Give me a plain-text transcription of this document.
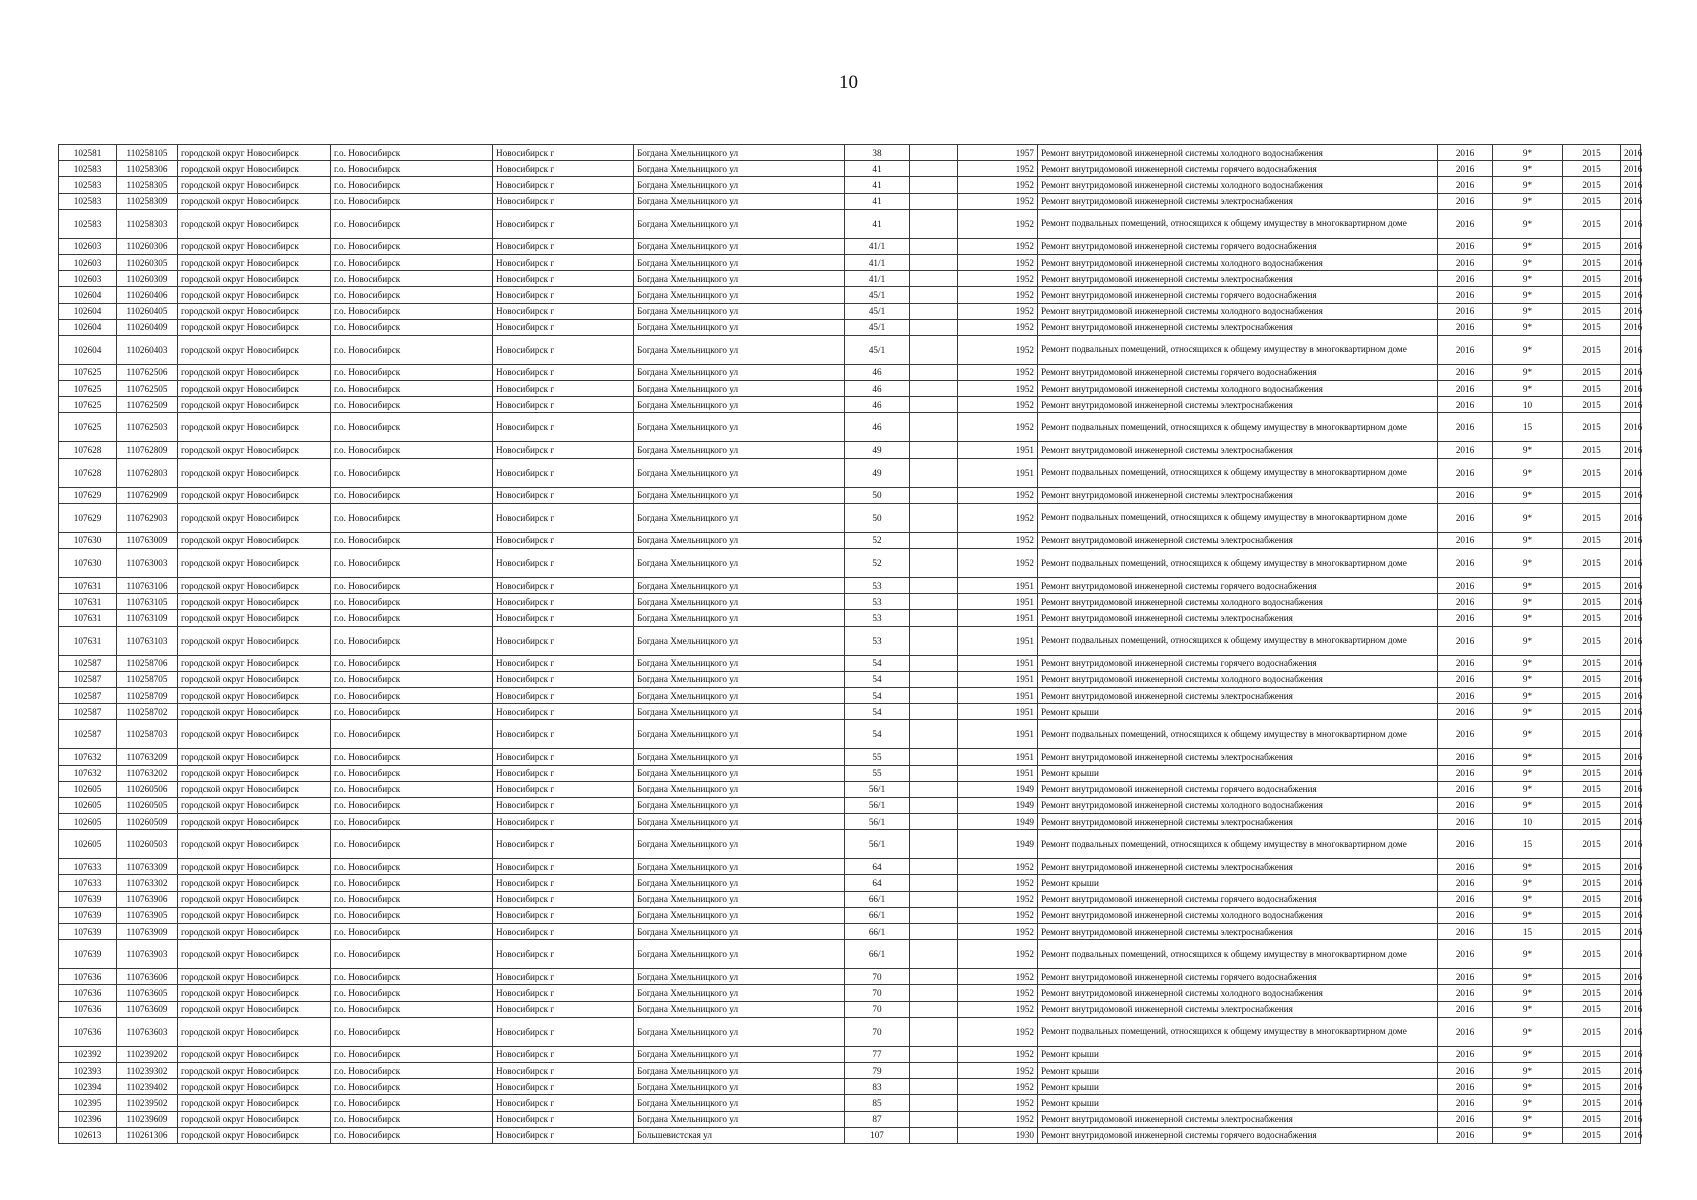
10
102581	110258105	городской округ Новосибирск	г.о. Новосибирск	Новосибирск г	Богдана Хмельницкого ул	38		1957	Ремонт внутридомовой инженерной системы холодного водоснабжения	2016	9*	2015	2016
102583	110258306	городской округ Новосибирск	г.о. Новосибирск	Новосибирск г	Богдана Хмельницкого ул	41		1952	Ремонт внутридомовой инженерной системы горячего водоснабжения	2016	9*	2015	2016
102583	110258305	городской округ Новосибирск	г.о. Новосибирск	Новосибирск г	Богдана Хмельницкого ул	41		1952	Ремонт внутридомовой инженерной системы холодного водоснабжения	2016	9*	2015	2016
102583	110258309	городской округ Новосибирск	г.о. Новосибирск	Новосибирск г	Богдана Хмельницкого ул	41		1952	Ремонт внутридомовой инженерной системы электроснабжения	2016	9*	2015	2016
102583	110258303	городской округ Новосибирск	г.о. Новосибирск	Новосибирск г	Богдана Хмельницкого ул	41		1952	Ремонт подвальных помещений, относящихся к общему имуществу в многоквартирном доме	2016	9*	2015	2016
102603	110260306	городской округ Новосибирск	г.о. Новосибирск	Новосибирск г	Богдана Хмельницкого ул	41/1		1952	Ремонт внутридомовой инженерной системы горячего водоснабжения	2016	9*	2015	2016
102603	110260305	городской округ Новосибирск	г.о. Новосибирск	Новосибирск г	Богдана Хмельницкого ул	41/1		1952	Ремонт внутридомовой инженерной системы холодного водоснабжения	2016	9*	2015	2016
102603	110260309	городской округ Новосибирск	г.о. Новосибирск	Новосибирск г	Богдана Хмельницкого ул	41/1		1952	Ремонт внутридомовой инженерной системы электроснабжения	2016	9*	2015	2016
102604	110260406	городской округ Новосибирск	г.о. Новосибирск	Новосибирск г	Богдана Хмельницкого ул	45/1		1952	Ремонт внутридомовой инженерной системы горячего водоснабжения	2016	9*	2015	2016
102604	110260405	городской округ Новосибирск	г.о. Новосибирск	Новосибирск г	Богдана Хмельницкого ул	45/1		1952	Ремонт внутридомовой инженерной системы холодного водоснабжения	2016	9*	2015	2016
102604	110260409	городской округ Новосибирск	г.о. Новосибирск	Новосибирск г	Богдана Хмельницкого ул	45/1		1952	Ремонт внутридомовой инженерной системы электроснабжения	2016	9*	2015	2016
102604	110260403	городской округ Новосибирск	г.о. Новосибирск	Новосибирск г	Богдана Хмельницкого ул	45/1		1952	Ремонт подвальных помещений, относящихся к общему имуществу в многоквартирном доме	2016	9*	2015	2016
107625	110762506	городской округ Новосибирск	г.о. Новосибирск	Новосибирск г	Богдана Хмельницкого ул	46		1952	Ремонт внутридомовой инженерной системы горячего водоснабжения	2016	9*	2015	2016
107625	110762505	городской округ Новосибирск	г.о. Новосибирск	Новосибирск г	Богдана Хмельницкого ул	46		1952	Ремонт внутридомовой инженерной системы холодного водоснабжения	2016	9*	2015	2016
107625	110762509	городской округ Новосибирск	г.о. Новосибирск	Новосибирск г	Богдана Хмельницкого ул	46		1952	Ремонт внутридомовой инженерной системы электроснабжения	2016	10	2015	2016
107625	110762503	городской округ Новосибирск	г.о. Новосибирск	Новосибирск г	Богдана Хмельницкого ул	46		1952	Ремонт подвальных помещений, относящихся к общему имуществу в многоквартирном доме	2016	15	2015	2016
107628	110762809	городской округ Новосибирск	г.о. Новосибирск	Новосибирск г	Богдана Хмельницкого ул	49		1951	Ремонт внутридомовой инженерной системы электроснабжения	2016	9*	2015	2016
107628	110762803	городской округ Новосибирск	г.о. Новосибирск	Новосибирск г	Богдана Хмельницкого ул	49		1951	Ремонт подвальных помещений, относящихся к общему имуществу в многоквартирном доме	2016	9*	2015	2016
107629	110762909	городской округ Новосибирск	г.о. Новосибирск	Новосибирск г	Богдана Хмельницкого ул	50		1952	Ремонт внутридомовой инженерной системы электроснабжения	2016	9*	2015	2016
107629	110762903	городской округ Новосибирск	г.о. Новосибирск	Новосибирск г	Богдана Хмельницкого ул	50		1952	Ремонт подвальных помещений, относящихся к общему имуществу в многоквартирном доме	2016	9*	2015	2016
107630	110763009	городской округ Новосибирск	г.о. Новосибирск	Новосибирск г	Богдана Хмельницкого ул	52		1952	Ремонт внутридомовой инженерной системы электроснабжения	2016	9*	2015	2016
107630	110763003	городской округ Новосибирск	г.о. Новосибирск	Новосибирск г	Богдана Хмельницкого ул	52		1952	Ремонт подвальных помещений, относящихся к общему имуществу в многоквартирном доме	2016	9*	2015	2016
107631	110763106	городской округ Новосибирск	г.о. Новосибирск	Новосибирск г	Богдана Хмельницкого ул	53		1951	Ремонт внутридомовой инженерной системы горячего водоснабжения	2016	9*	2015	2016
107631	110763105	городской округ Новосибирск	г.о. Новосибирск	Новосибирск г	Богдана Хмельницкого ул	53		1951	Ремонт внутридомовой инженерной системы холодного водоснабжения	2016	9*	2015	2016
107631	110763109	городской округ Новосибирск	г.о. Новосибирск	Новосибирск г	Богдана Хмельницкого ул	53		1951	Ремонт внутридомовой инженерной системы электроснабжения	2016	9*	2015	2016
107631	110763103	городской округ Новосибирск	г.о. Новосибирск	Новосибирск г	Богдана Хмельницкого ул	53		1951	Ремонт подвальных помещений, относящихся к общему имуществу в многоквартирном доме	2016	9*	2015	2016
102587	110258706	городской округ Новосибирск	г.о. Новосибирск	Новосибирск г	Богдана Хмельницкого ул	54		1951	Ремонт внутридомовой инженерной системы горячего водоснабжения	2016	9*	2015	2016
102587	110258705	городской округ Новосибирск	г.о. Новосибирск	Новосибирск г	Богдана Хмельницкого ул	54		1951	Ремонт внутридомовой инженерной системы холодного водоснабжения	2016	9*	2015	2016
102587	110258709	городской округ Новосибирск	г.о. Новосибирск	Новосибирск г	Богдана Хмельницкого ул	54		1951	Ремонт внутридомовой инженерной системы электроснабжения	2016	9*	2015	2016
102587	110258702	городской округ Новосибирск	г.о. Новосибирск	Новосибирск г	Богдана Хмельницкого ул	54		1951	Ремонт крыши	2016	9*	2015	2016
102587	110258703	городской округ Новосибирск	г.о. Новосибирск	Новосибирск г	Богдана Хмельницкого ул	54		1951	Ремонт подвальных помещений, относящихся к общему имуществу в многоквартирном доме	2016	9*	2015	2016
107632	110763209	городской округ Новосибирск	г.о. Новосибирск	Новосибирск г	Богдана Хмельницкого ул	55		1951	Ремонт внутридомовой инженерной системы электроснабжения	2016	9*	2015	2016
107632	110763202	городской округ Новосибирск	г.о. Новосибирск	Новосибирск г	Богдана Хмельницкого ул	55		1951	Ремонт крыши	2016	9*	2015	2016
102605	110260506	городской округ Новосибирск	г.о. Новосибирск	Новосибирск г	Богдана Хмельницкого ул	56/1		1949	Ремонт внутридомовой инженерной системы горячего водоснабжения	2016	9*	2015	2016
102605	110260505	городской округ Новосибирск	г.о. Новосибирск	Новосибирск г	Богдана Хмельницкого ул	56/1		1949	Ремонт внутридомовой инженерной системы холодного водоснабжения	2016	9*	2015	2016
102605	110260509	городской округ Новосибирск	г.о. Новосибирск	Новосибирск г	Богдана Хмельницкого ул	56/1		1949	Ремонт внутридомовой инженерной системы электроснабжения	2016	10	2015	2016
102605	110260503	городской округ Новосибирск	г.о. Новосибирск	Новосибирск г	Богдана Хмельницкого ул	56/1		1949	Ремонт подвальных помещений, относящихся к общему имуществу в многоквартирном доме	2016	15	2015	2016
107633	110763309	городской округ Новосибирск	г.о. Новосибирск	Новосибирск г	Богдана Хмельницкого ул	64		1952	Ремонт внутридомовой инженерной системы электроснабжения	2016	9*	2015	2016
107633	110763302	городской округ Новосибирск	г.о. Новосибирск	Новосибирск г	Богдана Хмельницкого ул	64		1952	Ремонт крыши	2016	9*	2015	2016
107639	110763906	городской округ Новосибирск	г.о. Новосибирск	Новосибирск г	Богдана Хмельницкого ул	66/1		1952	Ремонт внутридомовой инженерной системы горячего водоснабжения	2016	9*	2015	2016
107639	110763905	городской округ Новосибирск	г.о. Новосибирск	Новосибирск г	Богдана Хмельницкого ул	66/1		1952	Ремонт внутридомовой инженерной системы холодного водоснабжения	2016	9*	2015	2016
107639	110763909	городской округ Новосибирск	г.о. Новосибирск	Новосибирск г	Богдана Хмельницкого ул	66/1		1952	Ремонт внутридомовой инженерной системы электроснабжения	2016	15	2015	2016
107639	110763903	городской округ Новосибирск	г.о. Новосибирск	Новосибирск г	Богдана Хмельницкого ул	66/1		1952	Ремонт подвальных помещений, относящихся к общему имуществу в многоквартирном доме	2016	9*	2015	2016
107636	110763606	городской округ Новосибирск	г.о. Новосибирск	Новосибирск г	Богдана Хмельницкого ул	70		1952	Ремонт внутридомовой инженерной системы горячего водоснабжения	2016	9*	2015	2016
107636	110763605	городской округ Новосибирск	г.о. Новосибирск	Новосибирск г	Богдана Хмельницкого ул	70		1952	Ремонт внутридомовой инженерной системы холодного водоснабжения	2016	9*	2015	2016
107636	110763609	городской округ Новосибирск	г.о. Новосибирск	Новосибирск г	Богдана Хмельницкого ул	70		1952	Ремонт внутридомовой инженерной системы электроснабжения	2016	9*	2015	2016
107636	110763603	городской округ Новосибирск	г.о. Новосибирск	Новосибирск г	Богдана Хмельницкого ул	70		1952	Ремонт подвальных помещений, относящихся к общему имуществу в многоквартирном доме	2016	9*	2015	2016
102392	110239202	городской округ Новосибирск	г.о. Новосибирск	Новосибирск г	Богдана Хмельницкого ул	77		1952	Ремонт крыши	2016	9*	2015	2016
102393	110239302	городской округ Новосибирск	г.о. Новосибирск	Новосибирск г	Богдана Хмельницкого ул	79		1952	Ремонт крыши	2016	9*	2015	2016
102394	110239402	городской округ Новосибирск	г.о. Новосибирск	Новосибирск г	Богдана Хмельницкого ул	83		1952	Ремонт крыши	2016	9*	2015	2016
102395	110239502	городской округ Новосибирск	г.о. Новосибирск	Новосибирск г	Богдана Хмельницкого ул	85		1952	Ремонт крыши	2016	9*	2015	2016
102396	110239609	городской округ Новосибирск	г.о. Новосибирск	Новосибирск г	Богдана Хмельницкого ул	87		1952	Ремонт внутридомовой инженерной системы электроснабжения	2016	9*	2015	2016
102613	110261306	городской округ Новосибирск	г.о. Новосибирск	Новосибирск г	Большевистская ул	107		1930	Ремонт внутридомовой инженерной системы горячего водоснабжения	2016	9*	2015	2016
